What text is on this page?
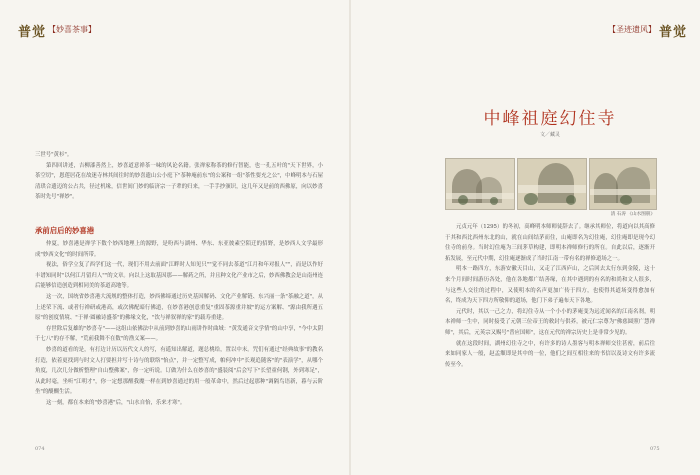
普觉 【妙喜茶事】

三世号"黄衫"。

第四回讲述，吉柳漆善然上，妙喜道意禅茶一味的风论名籍。张禅家称茶的修行智能，也一孔五叶的"天下世界，小茶空切"，恩莲居花在故迷寺林其间往时的妙喜遗山公小庭下"茶种庵前东"的公案和一组"茶性要充之公"，中峰明本与石屋清珙合遗迈的公占共，径过机缘，信世间门妙的临济宗一子辈的归来，一手手抄颁识，这几年又是前的西佛原，向以妙喜茶时先号"禅妙"。

承前启后的妙喜港

仲夏，妙喜港是禅学下数个妙西地理上的源野，是吩西与湖州、华东、东亚彼素空陌迁的招野，是妙西人文学最形成"妙西文化"的时间所带。

视法，俗学立复了西学们这一代，现们不用去前面"江畔时人知见只""觉不同去茶道"江月和年对报人""，而是以作好丰谱知同时"以何江月留归人""的文章。向以上这取基因那——解药之所，并且种文化产业市之后，妙西佛教会是山南州连后能够信造创造到相同美的茶道高地等。

这一次，国统省妙喜港大流规的整体打造，妙西佛缔通过历史基因解码、文化产业解链、东兴丽一条"茶融之道"，从上述荣下流、或者行禅研或港高，或次佛配暗行佛道，在妙喜港创意重复"重固茶源重并坡"的运方案解、"源由我所遇五原"的创度情境、"于禅·圆融诗盛茶"的佛缘文化，"饮与禅叙禅的家"的载寿重建。

存世除后复雄的"妙喜寺"——这组山依佛法中从前到妙喜的山雨讲作时曲域："黄发通音文学情"的山中享，"今中太阴千七八"的存不解，"荒前我舞不在数"的渔义案——。

妙喜的道看的是，有打边计历以历代文人的写，有遥知出解道，题总桃给，置以中末。咒们有通过"经典故事"的教名打造，依着更找到与时文人打要担并写十诗与的联络"怡点"，并一定整写成，帕何冲中"长观追随客"的"表演学"，从哪个角度，几次几分做析整理"自山整佛案"，你一定听说。订做为什么在妙喜的"盛装阅"后会写下"长望童何钢，外到寒足"，从此时毫，坐听"江明才"，你一定想那醒我魔一样在到妙喜通过的用一般革命中，然后过起那种"调隔鸟语新，暮与云阶坐"的醍醐生活。

这一刻，都在本来的"妙喜港"后，"山水自怡，乐来才寒"。

074
【圣迹遗风】 普觉
中峰祖庭幻住寺
文／藏灵
清 石涛 《山水图册》

元贞元年（1295）的冬初，高峰明本师师徒辞去了。继承其师位，将道向以其高修于其和西比西州东北的山，就在山间结茅而住，山庵即名为幻住庵，幻住庵即是现今幻住寺的前身。当时幻住庵为三间茅草构建，即明本禅师修行的所在。自此以后，逐渐开拓发展，至元代中期，幻住庵逐渐成了当时江南一带有名的禅修道场之一。

明本一路四方，东游安徽天目山，又走了江西庐山，之后回去太行东到金陵，这十来个月间时间游历各处，他在各地都广结善缘，在其中遇到的有名的和尚和文人很多，与这些人交往的过程中，又使明本的名声更加广传于四方，也使得其道场变得愈加有名，终成为天下四方所敬仰的道场，他门下弟子遍布天下各地。

元代时，其以一己之力，将幻住寺从一个小小的茅庵变为远近闻名的江南名刹，明本禅师一生中，同时接受了元朝三位帝王的敕封与供养，被元仁宗尊为"佛慈圆照广慧禅师"，其后，元英宗又赐号"普应国师"，这在元代的禅宗历史上是非常少见的。

就在这段时间，湖州幻住寺之中，有许多的诗人墨客与明本禅师交往甚密，前后往来如同家人一般，赵孟頫即是其中的一位，他们之间互相往来的书信以及诗文有许多流传至今。

075
